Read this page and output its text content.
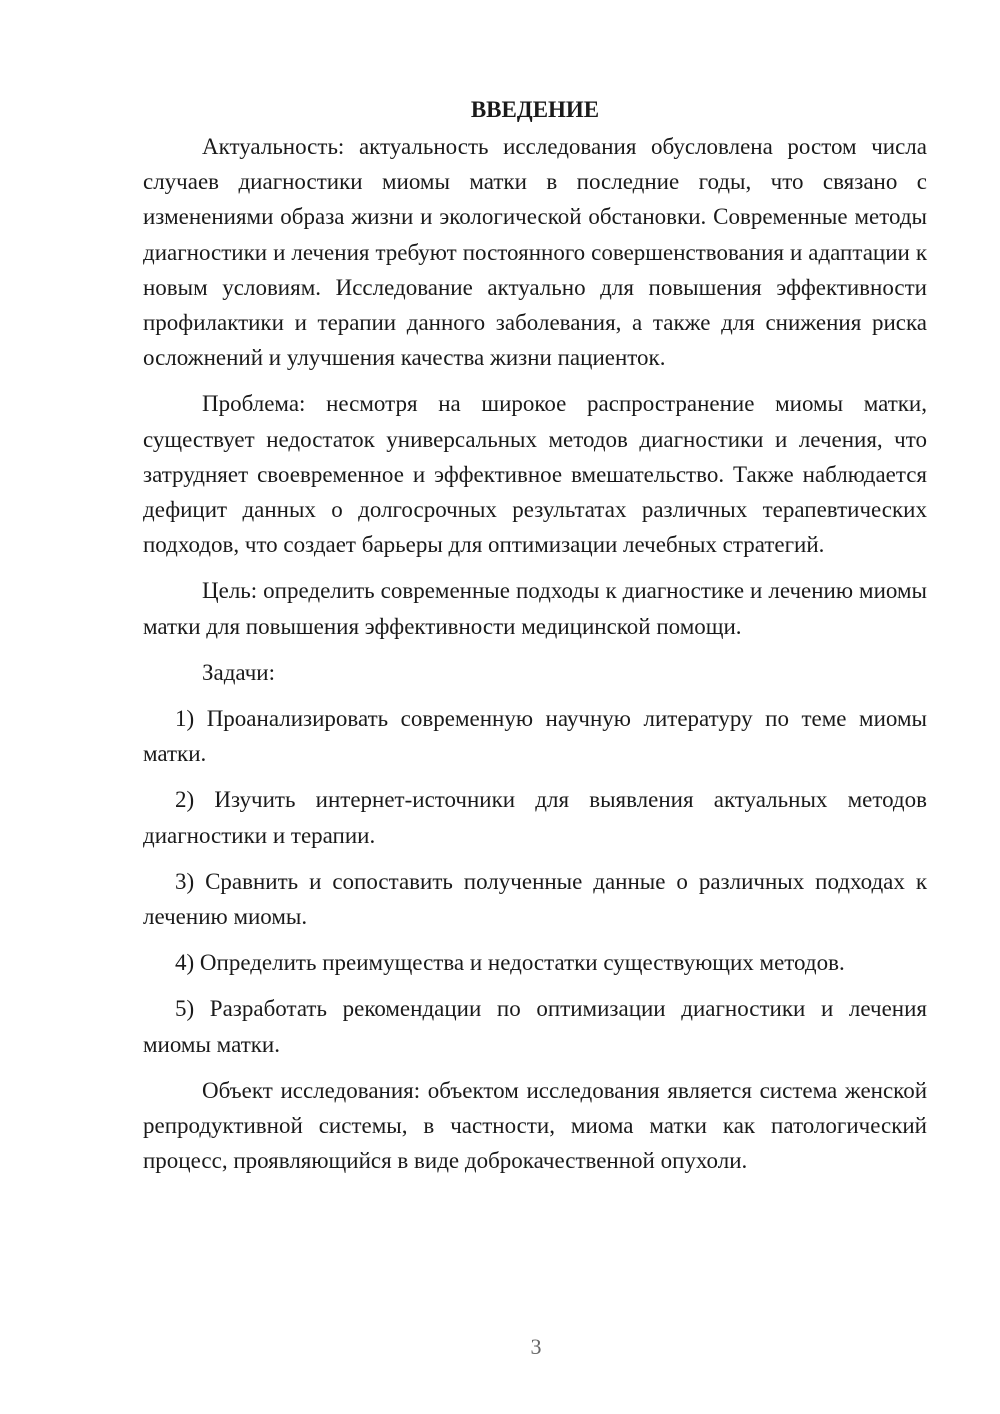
ВВЕДЕНИЕ

Актуальность: актуальность исследования обусловлена ростом числа случаев диагностики миомы матки в последние годы, что связано с изменениями образа жизни и экологической обстановки. Современные методы диагностики и лечения требуют постоянного совершенствования и адаптации к новым условиям. Исследование актуально для повышения эффективности профилактики и терапии данного заболевания, а также для снижения риска осложнений и улучшения качества жизни пациенток.

Проблема: несмотря на широкое распространение миомы матки, существует недостаток универсальных методов диагностики и лечения, что затрудняет своевременное и эффективное вмешательство. Также наблюдается дефицит данных о долгосрочных результатах различных терапевтических подходов, что создает барьеры для оптимизации лечебных стратегий.

Цель: определить современные подходы к диагностике и лечению миомы матки для повышения эффективности медицинской помощи.

Задачи:

1) Проанализировать современную научную литературу по теме миомы матки.

2) Изучить интернет-источники для выявления актуальных методов диагностики и терапии.

3) Сравнить и сопоставить полученные данные о различных подходах к лечению миомы.

4) Определить преимущества и недостатки существующих методов.

5) Разработать рекомендации по оптимизации диагностики и лечения миомы матки.

Объект исследования: объектом исследования является система женской репродуктивной системы, в частности, миома матки как патологический процесс, проявляющийся в виде доброкачественной опухоли.

3
